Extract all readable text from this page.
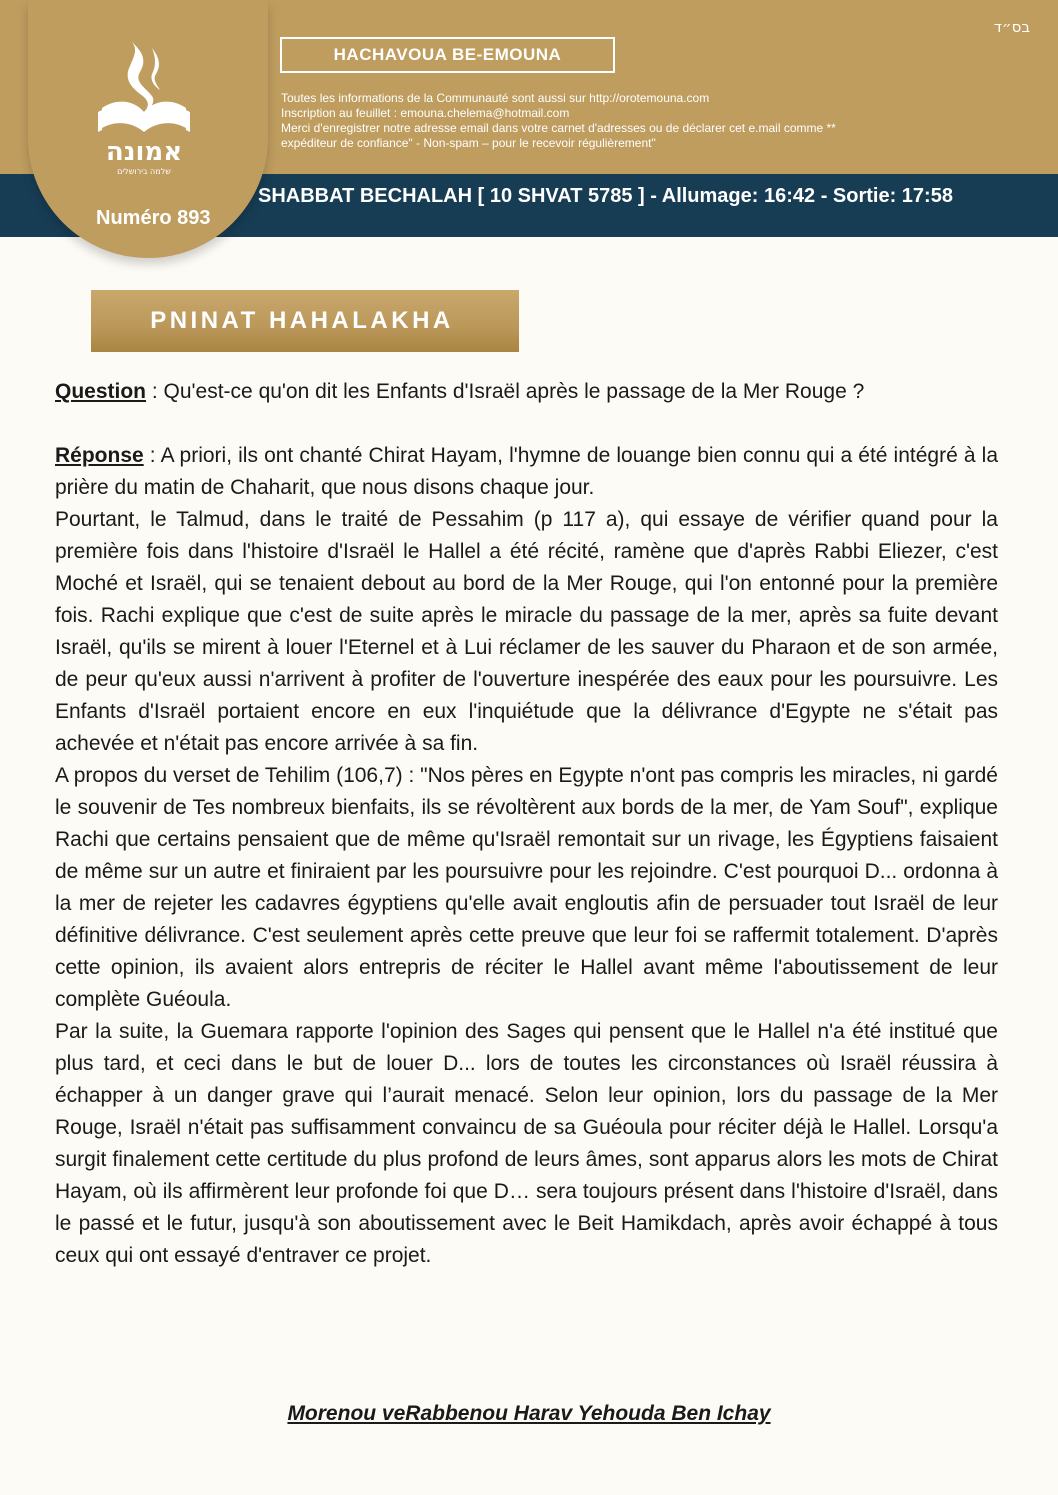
בס״ד
HACHAVOUA BE-EMOUNA
Toutes les informations de la Communauté sont aussi sur http://orotemouna.com
Inscription au feuillet : emouna.chelema@hotmail.com
Merci d'enregistrer notre adresse email dans votre carnet d'adresses ou de déclarer cet e.mail comme **
expéditeur de confiance" - Non-spam – pour le recevoir régulièrement"
SHABBAT BECHALAH [ 10 SHVAT 5785 ] - Allumage: 16:42 - Sortie: 17:58
אמונה
שלמה בירושלים
Numéro 893
PNINAT HAHALAKHA

Question : Qu'est-ce qu'on dit les Enfants d'Israël après le passage de la Mer Rouge ?

Réponse : A priori, ils ont chanté Chirat Hayam, l'hymne de louange bien connu qui a été intégré à la prière du matin de Chaharit, que nous disons chaque jour.

Pourtant, le Talmud, dans le traité de Pessahim (p 117 a), qui essaye de vérifier quand pour la première fois dans l'histoire d'Israël le Hallel a été récité, ramène que d'après Rabbi Eliezer, c'est Moché et Israël, qui se tenaient debout au bord de la Mer Rouge, qui l'on entonné pour la première fois. Rachi explique que c'est de suite après le miracle du passage de la mer, après sa fuite devant Israël, qu'ils se mirent à louer l'Eternel et à Lui réclamer de les sauver du Pharaon et de son armée, de peur qu'eux aussi n'arrivent à profiter de l'ouverture inespérée des eaux pour les poursuivre. Les Enfants d'Israël portaient encore en eux l'inquiétude que la délivrance d'Egypte ne s'était pas achevée et n'était pas encore arrivée à sa fin.

A propos du verset de Tehilim (106,7) : "Nos pères en Egypte n'ont pas compris les miracles, ni gardé le souvenir de Tes nombreux bienfaits, ils se révoltèrent aux bords de la mer, de Yam Souf", explique Rachi que certains pensaient que de même qu'Israël remontait sur un rivage, les Égyptiens faisaient de même sur un autre et finiraient par les poursuivre pour les rejoindre. C'est pourquoi D... ordonna à la mer de rejeter les cadavres égyptiens qu'elle avait engloutis afin de persuader tout Israël de leur définitive délivrance. C'est seulement après cette preuve que leur foi se raffermit totalement. D'après cette opinion, ils avaient alors entrepris de réciter le Hallel avant même l'aboutissement de leur complète Guéoula.

Par la suite, la Guemara rapporte l'opinion des Sages qui pensent que le Hallel n'a été institué que plus tard, et ceci dans le but de louer D... lors de toutes les circonstances où Israël réussira à échapper à un danger grave qui l’aurait menacé. Selon leur opinion, lors du passage de la Mer Rouge, Israël n'était pas suffisamment convaincu de sa Guéoula pour réciter déjà le Hallel. Lorsqu'a surgit finalement cette certitude du plus profond de leurs âmes, sont apparus alors les mots de Chirat Hayam, où ils affirmèrent leur profonde foi que D… sera toujours présent dans l'histoire d'Israël, dans le passé et le futur, jusqu'à son aboutissement avec le Beit Hamikdach, après avoir échappé à tous ceux qui ont essayé d'entraver ce projet.

Morenou veRabbenou Harav Yehouda Ben Ichay
